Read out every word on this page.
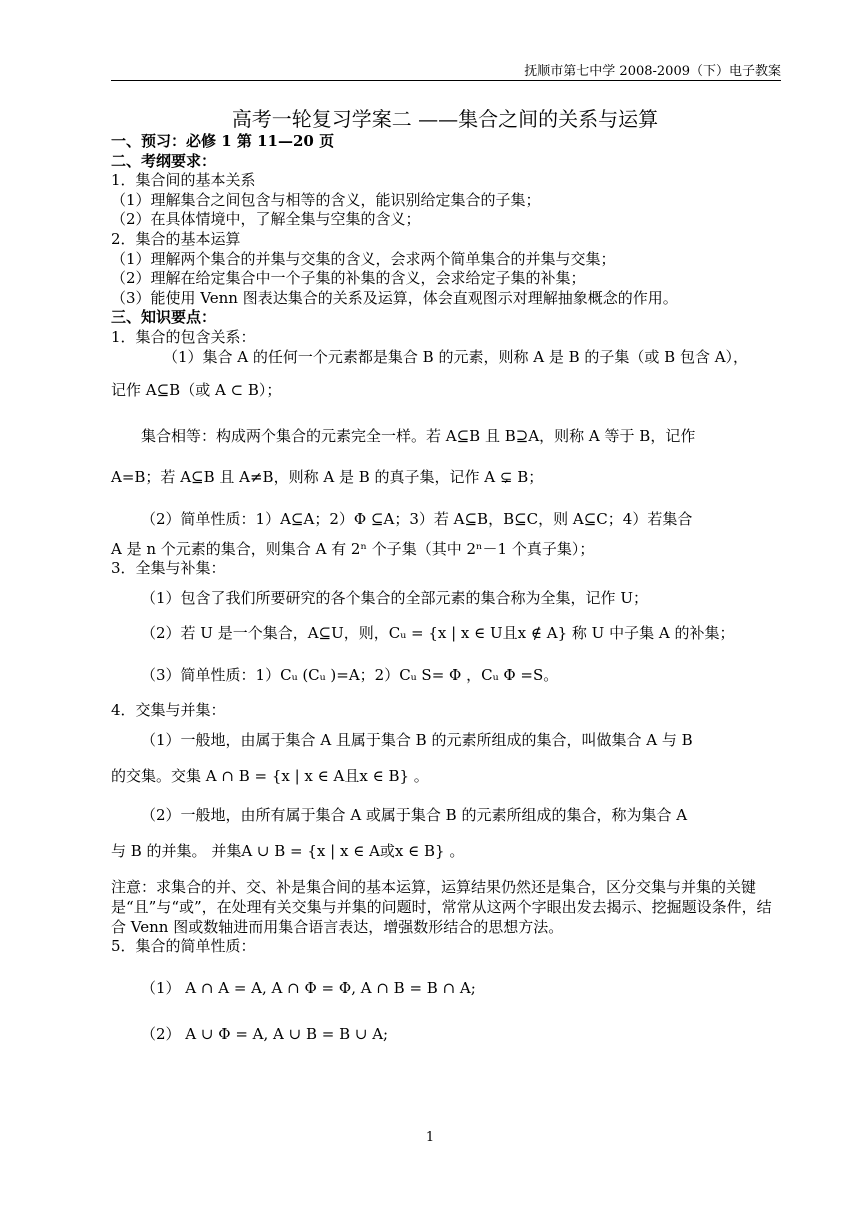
抚顺市第七中学 2008-2009（下）电子教案
高考一轮复习学案二 ——集合之间的关系与运算
一、预习：必修 1 第 11—20 页
二、考纲要求：
1．集合间的基本关系
（1）理解集合之间包含与相等的含义，能识别给定集合的子集；
（2）在具体情境中，了解全集与空集的含义；
2．集合的基本运算
（1）理解两个集合的并集与交集的含义，会求两个简单集合的并集与交集；
（2）理解在给定集合中一个子集的补集的含义，会求给定子集的补集；
（3）能使用 Venn 图表达集合的关系及运算，体会直观图示对理解抽象概念的作用。
三、知识要点：
1．集合的包含关系：
（1）集合 A 的任何一个元素都是集合 B 的元素，则称 A 是 B 的子集（或 B 包含 A），
记作 A⊆B（或 A ⊂ B）；
集合相等：构成两个集合的元素完全一样。若 A⊆B 且 B⊇A，则称 A 等于 B，记作
A=B；若 A⊆B 且 A≠B，则称 A 是 B 的真子集，记作 A ⊊ B；
（2）简单性质：1）A⊆A；2）Φ ⊆A；3）若 A⊆B，B⊆C，则 A⊆C；4）若集合
A 是 n 个元素的集合，则集合 A 有 2ⁿ 个子集（其中 2ⁿ－1 个真子集）；
3．全集与补集：
（1）包含了我们所要研究的各个集合的全部元素的集合称为全集，记作 U；
（2）若 U 是一个集合，A⊆U，则，Cᵤ = {x | x ∈ U且x ∉ A} 称 U 中子集 A 的补集；
（3）简单性质：1）Cᵤ (Cᵤ )=A；2）Cᵤ S= Φ ，Cᵤ Φ =S。
4．交集与并集：
（1）一般地，由属于集合 A 且属于集合 B 的元素所组成的集合，叫做集合 A 与 B
的交集。交集 A ∩ B = {x | x ∈ A且x ∈ B} 。
（2）一般地，由所有属于集合 A 或属于集合 B 的元素所组成的集合，称为集合 A
与 B 的并集。 并集A ∪ B = {x | x ∈ A或x ∈ B} 。
注意：求集合的并、交、补是集合间的基本运算，运算结果仍然还是集合，区分交集与并集的关键是“且”与“或”，在处理有关交集与并集的问题时，常常从这两个字眼出发去揭示、挖掘题设条件，结合 Venn 图或数轴进而用集合语言表达，增强数形结合的思想方法。
5．集合的简单性质：
（1） A ∩ A = A, A ∩ Φ = Φ, A ∩ B = B ∩ A;
（2） A ∪ Φ = A, A ∪ B = B ∪ A;
1
